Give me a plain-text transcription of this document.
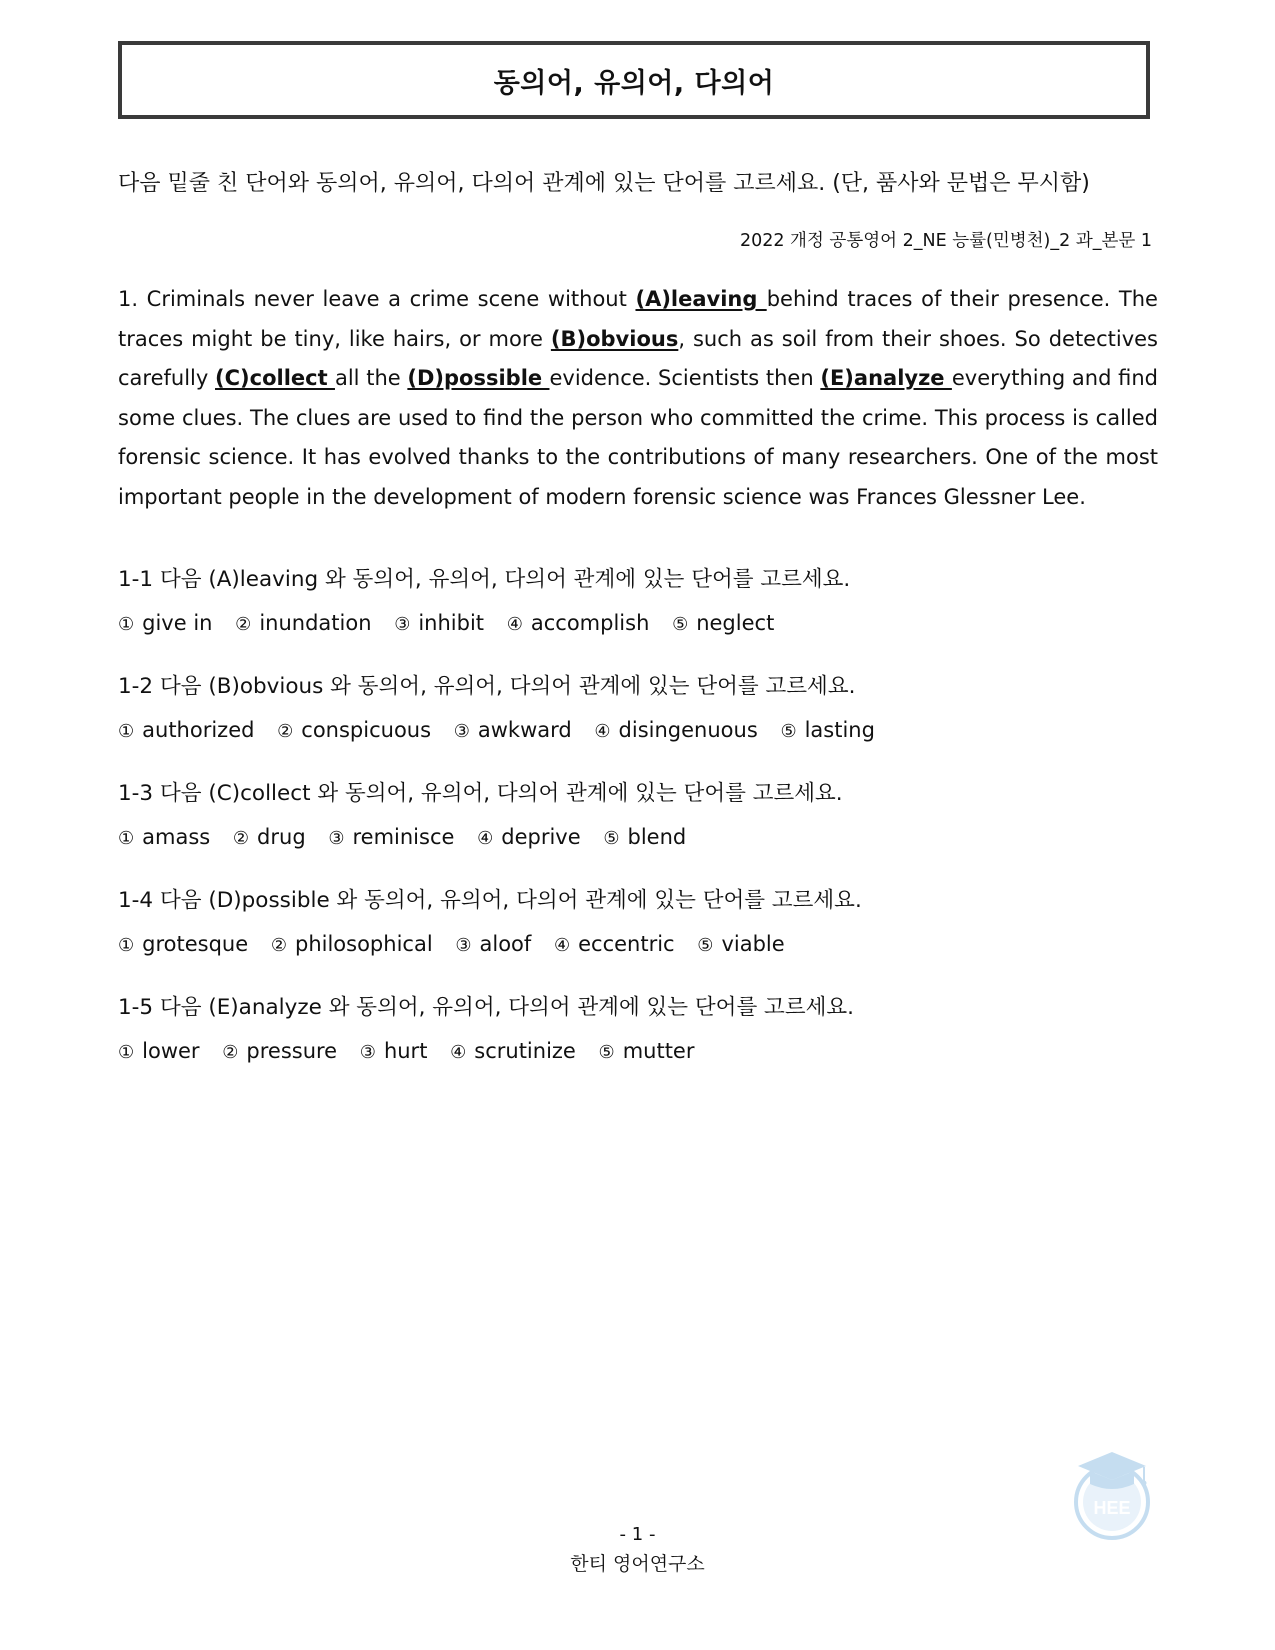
동의어, 유의어, 다의어
다음 밑줄 친 단어와 동의어, 유의어, 다의어 관계에 있는 단어를 고르세요. (단, 품사와 문법은 무시함)
2022 개정 공통영어 2_NE 능률(민병천)_2 과_본문 1
1. Criminals never leave a crime scene without (A)leaving behind traces of their presence. The traces might be tiny, like hairs, or more (B)obvious, such as soil from their shoes. So detectives carefully (C)collect all the (D)possible evidence. Scientists then (E)analyze everything and find some clues. The clues are used to find the person who committed the crime. This process is called forensic science. It has evolved thanks to the contributions of many researchers. One of the most important people in the development of modern forensic science was Frances Glessner Lee.
1-1 다음 (A)leaving 와 동의어, 유의어, 다의어 관계에 있는 단어를 고르세요.
① give in ② inundation ③ inhibit ④ accomplish ⑤ neglect
1-2 다음 (B)obvious 와 동의어, 유의어, 다의어 관계에 있는 단어를 고르세요.
① authorized ② conspicuous ③ awkward ④ disingenuous ⑤ lasting
1-3 다음 (C)collect 와 동의어, 유의어, 다의어 관계에 있는 단어를 고르세요.
① amass ② drug ③ reminisce ④ deprive ⑤ blend
1-4 다음 (D)possible 와 동의어, 유의어, 다의어 관계에 있는 단어를 고르세요.
① grotesque ② philosophical ③ aloof ④ eccentric ⑤ viable
1-5 다음 (E)analyze 와 동의어, 유의어, 다의어 관계에 있는 단어를 고르세요.
① lower ② pressure ③ hurt ④ scrutinize ⑤ mutter
- 1 -
한티 영어연구소
HEE
